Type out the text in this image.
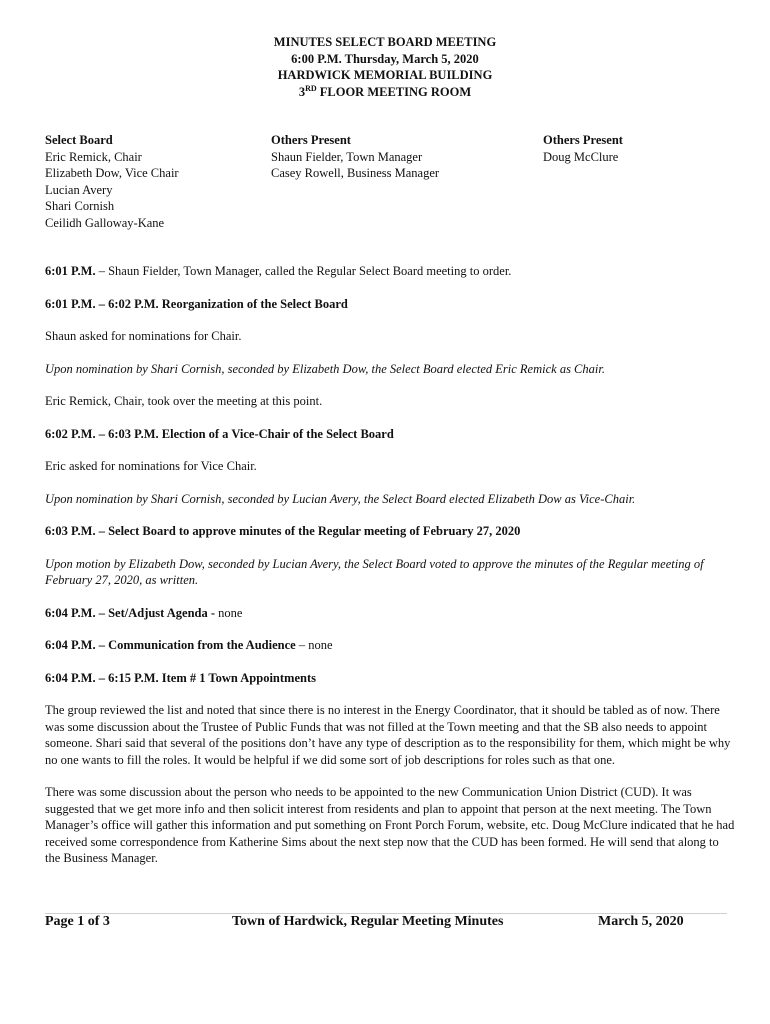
MINUTES SELECT BOARD MEETING
6:00 P.M. Thursday, March 5, 2020
HARDWICK MEMORIAL BUILDING
3RD FLOOR MEETING ROOM
Select Board
Eric Remick, Chair
Elizabeth Dow, Vice Chair
Lucian Avery
Shari Cornish
Ceilidh Galloway-Kane
Others Present
Shaun Fielder, Town Manager
Casey Rowell, Business Manager
Others Present
Doug McClure

6:01 P.M. – Shaun Fielder, Town Manager, called the Regular Select Board meeting to order.

6:01 P.M. – 6:02 P.M. Reorganization of the Select Board

Shaun asked for nominations for Chair.

Upon nomination by Shari Cornish, seconded by Elizabeth Dow, the Select Board elected Eric Remick as Chair.

Eric Remick, Chair, took over the meeting at this point.

6:02 P.M. – 6:03 P.M. Election of a Vice-Chair of the Select Board

Eric asked for nominations for Vice Chair.

Upon nomination by Shari Cornish, seconded by Lucian Avery, the Select Board elected Elizabeth Dow as Vice-Chair.

6:03 P.M. – Select Board to approve minutes of the Regular meeting of February 27, 2020

Upon motion by Elizabeth Dow, seconded by Lucian Avery, the Select Board voted to approve the minutes of the Regular meeting of February 27, 2020, as written.

6:04 P.M. – Set/Adjust Agenda - none

6:04 P.M. – Communication from the Audience – none

6:04 P.M. – 6:15 P.M. Item # 1 Town Appointments

The group reviewed the list and noted that since there is no interest in the Energy Coordinator, that it should be tabled as of now. There was some discussion about the Trustee of Public Funds that was not filled at the Town meeting and that the SB also needs to appoint someone. Shari said that several of the positions don’t have any type of description as to the responsibility for them, which might be why no one wants to fill the roles. It would be helpful if we did some sort of job descriptions for roles such as that one.

There was some discussion about the person who needs to be appointed to the new Communication Union District (CUD). It was suggested that we get more info and then solicit interest from residents and plan to appoint that person at the next meeting. The Town Manager’s office will gather this information and put something on Front Porch Forum, website, etc. Doug McClure indicated that he had received some correspondence from Katherine Sims about the next step now that the CUD has been formed. He will send that along to the Business Manager.

Page 1 of 3	Town of Hardwick, Regular Meeting Minutes	March 5, 2020
